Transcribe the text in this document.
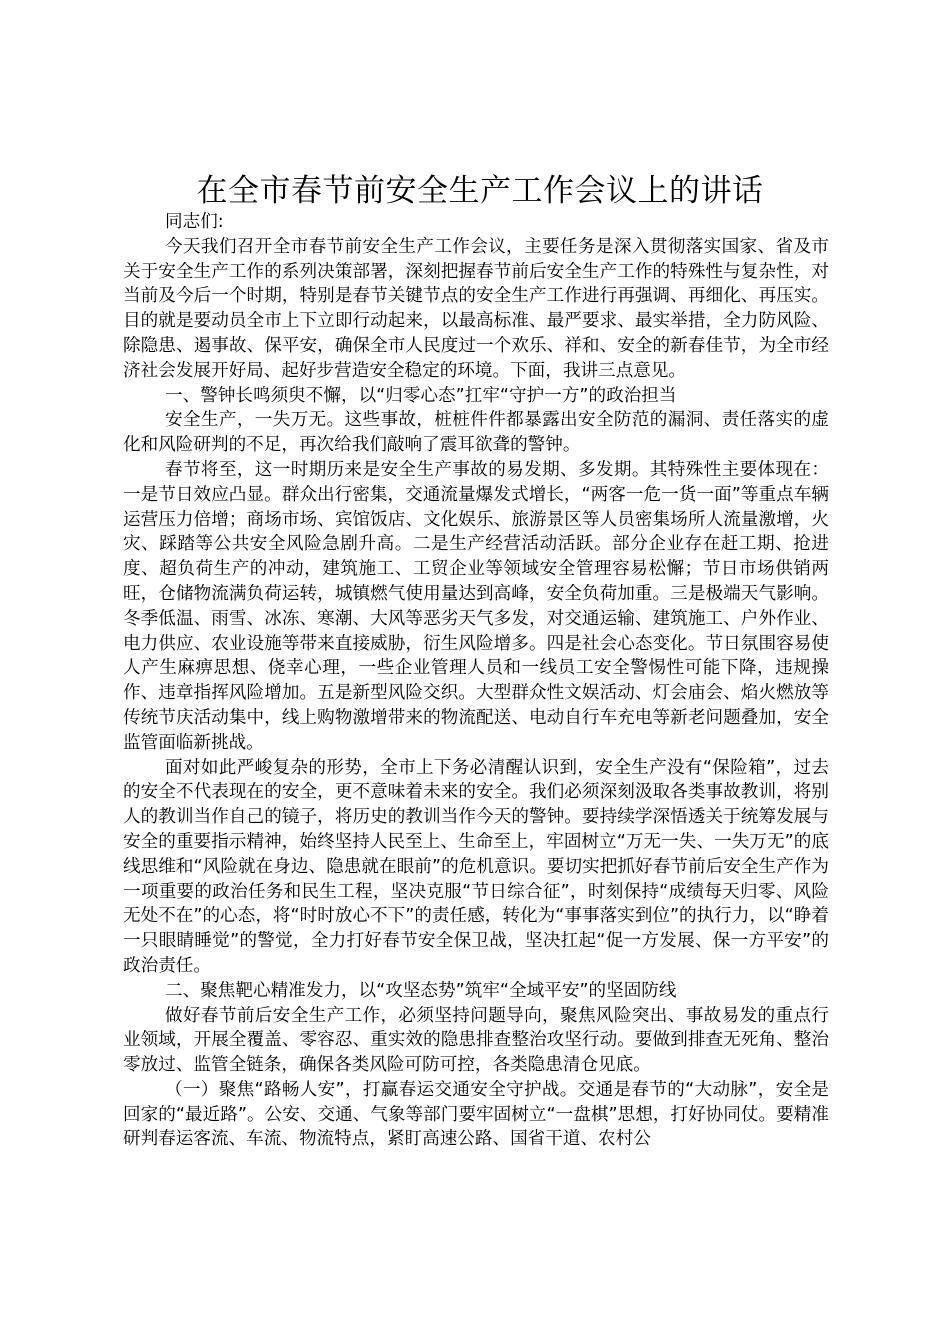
在全市春节前安全生产工作会议上的讲话

同志们:

今天我们召开全市春节前安全生产工作会议，主要任务是深入贯彻落实国家、省及市关于安全生产工作的系列决策部署，深刻把握春节前后安全生产工作的特殊性与复杂性，对当前及今后一个时期，特别是春节关键节点的安全生产工作进行再强调、再细化、再压实。目的就是要动员全市上下立即行动起来，以最高标准、最严要求、最实举措，全力防风险、除隐患、遏事故、保平安，确保全市人民度过一个欢乐、祥和、安全的新春佳节，为全市经济社会发展开好局、起好步营造安全稳定的环境。下面，我讲三点意见。

一、警钟长鸣须臾不懈，以“归零心态”扛牢“守护一方”的政治担当

安全生产，一失万无。这些事故，桩桩件件都暴露出安全防范的漏洞、责任落实的虚化和风险研判的不足，再次给我们敲响了震耳欲聋的警钟。

春节将至，这一时期历来是安全生产事故的易发期、多发期。其特殊性主要体现在：一是节日效应凸显。群众出行密集，交通流量爆发式增长，“两客一危一货一面”等重点车辆运营压力倍增；商场市场、宾馆饭店、文化娱乐、旅游景区等人员密集场所人流量激增，火灾、踩踏等公共安全风险急剧升高。二是生产经营活动活跃。部分企业存在赶工期、抢进度、超负荷生产的冲动，建筑施工、工贸企业等领域安全管理容易松懈；节日市场供销两旺，仓储物流满负荷运转，城镇燃气使用量达到高峰，安全负荷加重。三是极端天气影响。冬季低温、雨雪、冰冻、寒潮、大风等恶劣天气多发，对交通运输、建筑施工、户外作业、电力供应、农业设施等带来直接威胁，衍生风险增多。四是社会心态变化。节日氛围容易使人产生麻痹思想、侥幸心理，一些企业管理人员和一线员工安全警惕性可能下降，违规操作、违章指挥风险增加。五是新型风险交织。大型群众性文娱活动、灯会庙会、焰火燃放等传统节庆活动集中，线上购物激增带来的物流配送、电动自行车充电等新老问题叠加，安全监管面临新挑战。

面对如此严峻复杂的形势，全市上下务必清醒认识到，安全生产没有“保险箱”，过去的安全不代表现在的安全，更不意味着未来的安全。我们必须深刻汲取各类事故教训，将别人的教训当作自己的镜子，将历史的教训当作今天的警钟。要持续学深悟透关于统筹发展与安全的重要指示精神，始终坚持人民至上、生命至上，牢固树立“万无一失、一失万无”的底线思维和“风险就在身边、隐患就在眼前”的危机意识。要切实把抓好春节前后安全生产作为一项重要的政治任务和民生工程，坚决克服“节日综合征”，时刻保持“成绩每天归零、风险无处不在”的心态，将“时时放心不下”的责任感，转化为“事事落实到位”的执行力，以“睁着一只眼睛睡觉”的警觉，全力打好春节安全保卫战，坚决扛起“促一方发展、保一方平安”的政治责任。

二、聚焦靶心精准发力，以“攻坚态势”筑牢“全域平安”的坚固防线

做好春节前后安全生产工作，必须坚持问题导向，聚焦风险突出、事故易发的重点行业领域，开展全覆盖、零容忍、重实效的隐患排查整治攻坚行动。要做到排查无死角、整治零放过、监管全链条，确保各类风险可防可控，各类隐患清仓见底。

（一）聚焦“路畅人安”，打赢春运交通安全守护战。交通是春节的“大动脉”，安全是回家的“最近路”。公安、交通、气象等部门要牢固树立“一盘棋”思想，打好协同仗。要精准研判春运客流、车流、物流特点，紧盯高速公路、国省干道、农村公
